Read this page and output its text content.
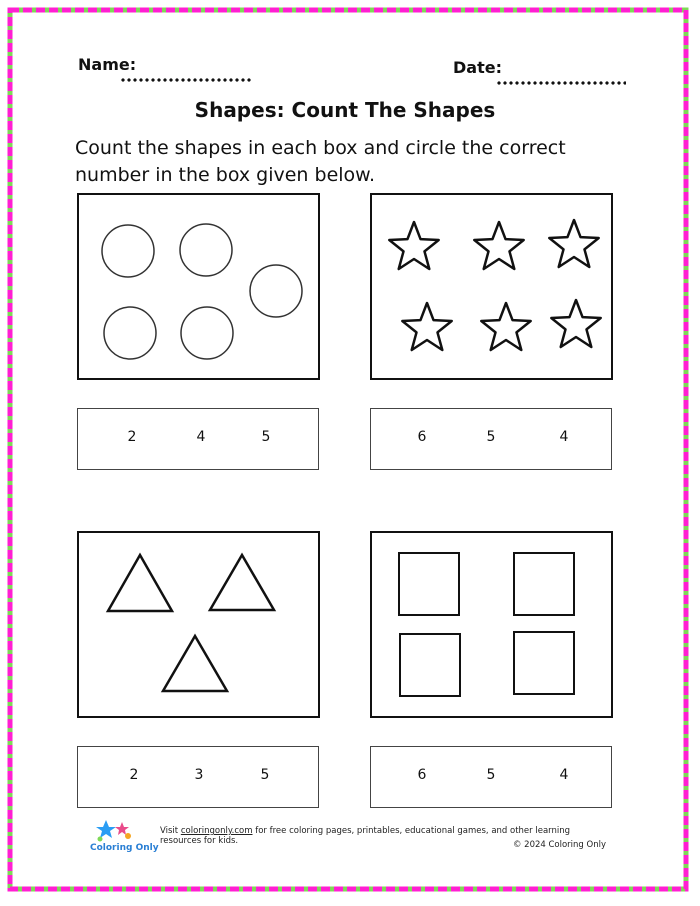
Name:	Date:
Shapes: Count The Shapes
Count the shapes in each box and circle the correct number in the box given below.
2	4	5	6	5	4
2	3	5	6	5	4
Coloring Only
Visit coloringonly.com for free coloring pages, printables, educational games, and other learning resources for kids.	© 2024 Coloring Only
